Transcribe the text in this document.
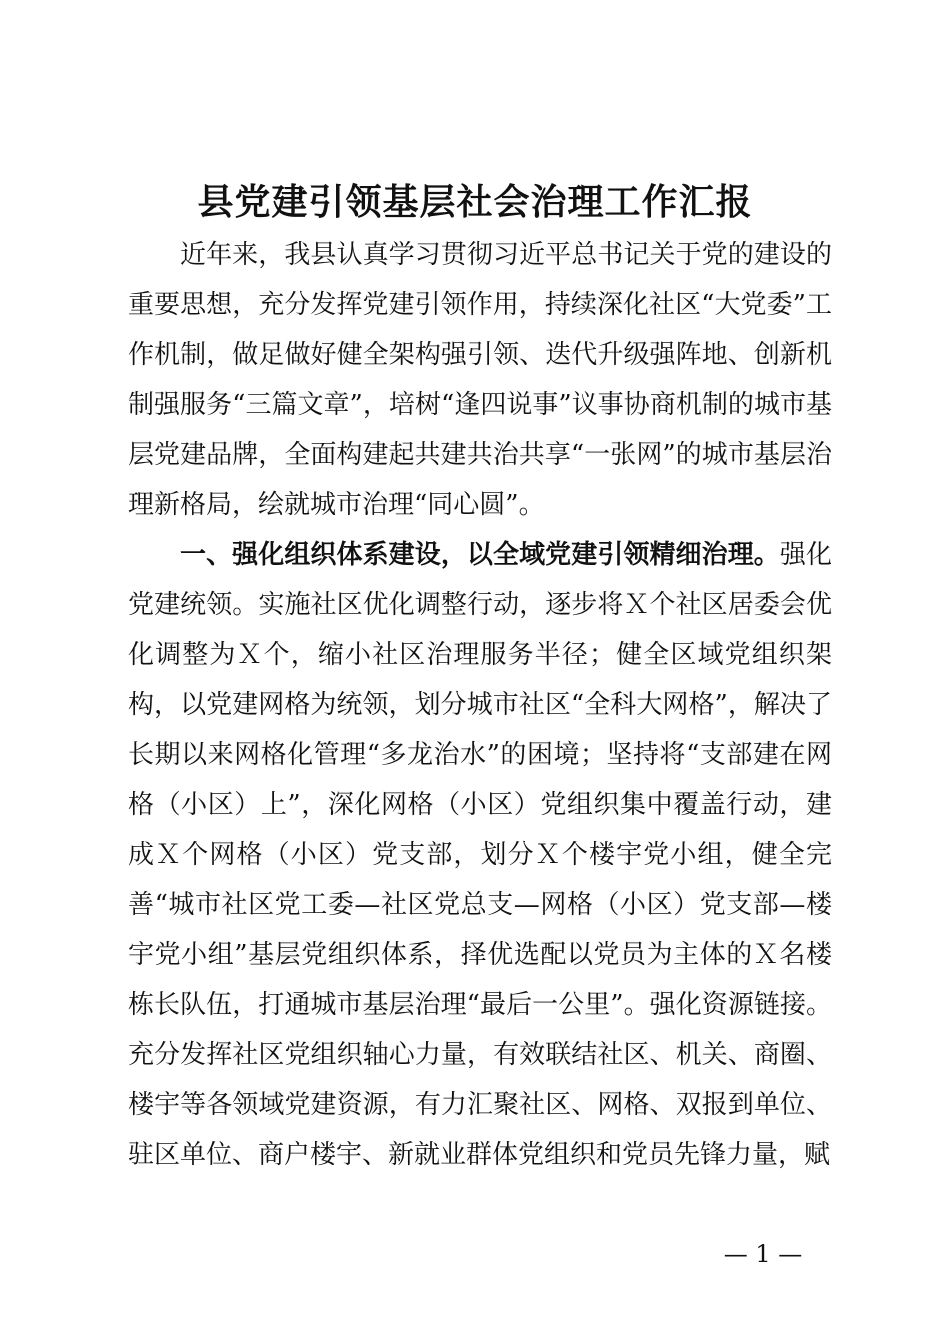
县党建引领基层社会治理工作汇报

近年来，我县认真学习贯彻习近平总书记关于党的建设的重要思想，充分发挥党建引领作用，持续深化社区“大党委”工作机制，做足做好健全架构强引领、迭代升级强阵地、创新机制强服务“三篇文章”，培树“逢四说事”议事协商机制的城市基层党建品牌，全面构建起共建共治共享“一张网”的城市基层治理新格局，绘就城市治理“同心圆”。

一、强化组织体系建设，以全域党建引领精细治理。强化党建统领。实施社区优化调整行动，逐步将Ｘ个社区居委会优化调整为Ｘ个，缩小社区治理服务半径；健全区域党组织架构，以党建网格为统领，划分城市社区“全科大网格”，解决了长期以来网格化管理“多龙治水”的困境；坚持将“支部建在网格（小区）上”，深化网格（小区）党组织集中覆盖行动，建成Ｘ个网格（小区）党支部，划分Ｘ个楼宇党小组，健全完善“城市社区党工委—社区党总支—网格（小区）党支部—楼宇党小组”基层党组织体系，择优选配以党员为主体的Ｘ名楼栋长队伍，打通城市基层治理“最后一公里”。强化资源链接。充分发挥社区党组织轴心力量，有效联结社区、机关、商圈、楼宇等各领域党建资源，有力汇聚社区、网格、双报到单位、驻区单位、商户楼宇、新就业群体党组织和党员先锋力量，赋

— 1 —
